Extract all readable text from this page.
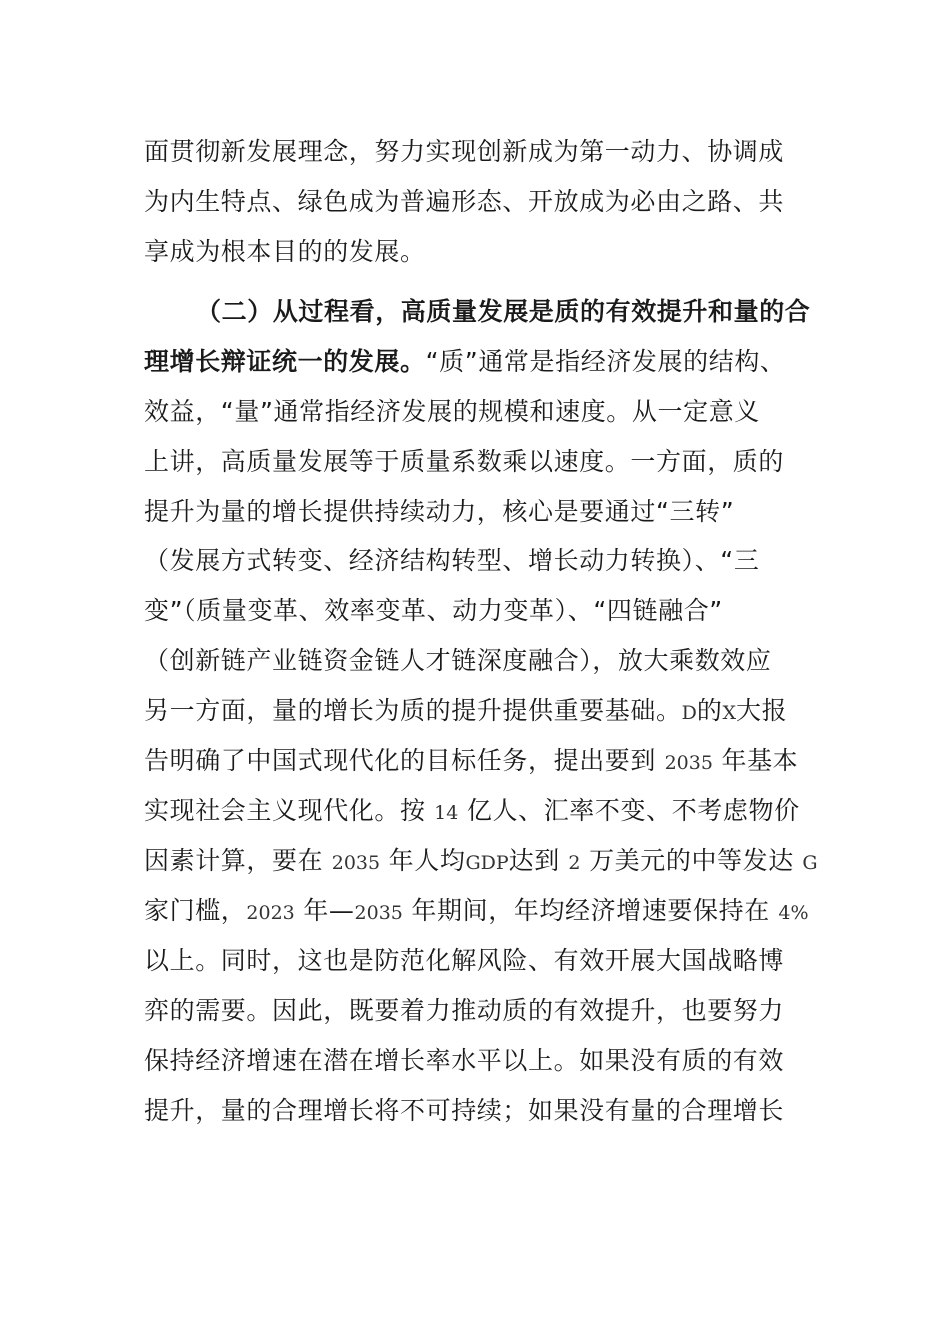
面贯彻新发展理念，努力实现创新成为第一动力、协调成
为内生特点、绿色成为普遍形态、开放成为必由之路、共
享成为根本目的的发展。
（二）从过程看，高质量发展是质的有效提升和量的合
理增长辩证统一的发展。“质”通常是指经济发展的结构、
效益，“量”通常指经济发展的规模和速度。从一定意义
上讲，高质量发展等于质量系数乘以速度。一方面，质的
提升为量的增长提供持续动力，核心是要通过“三转”
（发展方式转变、经济结构转型、增长动力转换）、“三
变”（质量变革、效率变革、动力变革）、“四链融合”
（创新链产业链资金链人才链深度融合），放大乘数效应
另一方面，量的增长为质的提升提供重要基础。D的X大报
告明确了中国式现代化的目标任务，提出要到 2035 年基本
实现社会主义现代化。按 14 亿人、汇率不变、不考虑物价
因素计算，要在 2035 年人均GDP达到 2 万美元的中等发达 G
家门槛，2023 年—2035 年期间，年均经济增速要保持在 4%
以上。同时，这也是防范化解风险、有效开展大国战略博
弈的需要。因此，既要着力推动质的有效提升，也要努力
保持经济增速在潜在增长率水平以上。如果没有质的有效
提升，量的合理增长将不可持续；如果没有量的合理增长
